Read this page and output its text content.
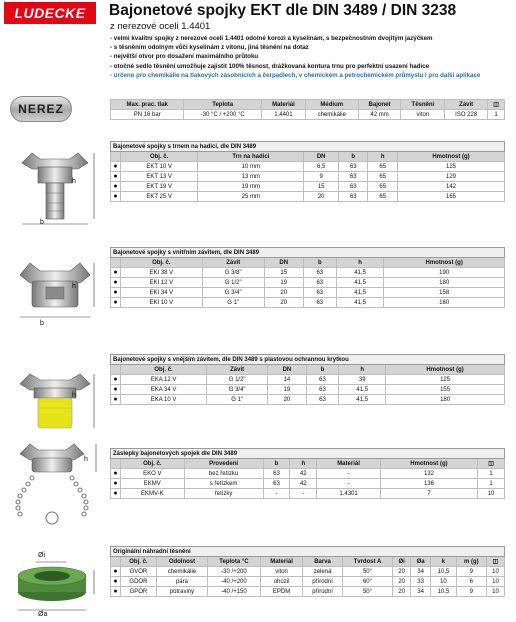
LUDECKE	Bajonetové spojky EKT dle DIN 3489 / DIN 3238
z nerezové oceli 1.4401
- velmi kvalitní spojky z nerezové oceli 1.4401 odolné korozi a kyselinám, s bezpečnostním dvojitým jazýčkem
- s těsněním odolným vůči kyselinám z vitonu, jiná těsnění na dotaz
- největší otvor pro dosažení maximálního průtoku
- otočné sedlo těsnění umožňuje zajistit 100% těsnost, drážkovaná kontura trnu pro perfektní usazení hadice
- určeno pro chemikálie na tlakových zásobnících a čerpadlech, v chemickém a petrochemickém průmyslu i pro další aplikace
NEREZ	Max. prac. tlak	Teplota	Materiál	Médium	Bajonet	Těsnění	Závit	◫
PN 16 bar	-30 °C / +200 °C	1.4401	chemikálie	42 mm	viton	ISO 228	1
h
b
Bajonetové spojky s trnem na hadici, dle DIN 3489						
	Obj. č.	Trn na hadici	DN	b	h	Hmotnost (g)
●	EKT 10 V	10 mm	6,5	63	65	125
●	EKT 13 V	13 mm	9	63	65	129
●	EKT 19 V	19 mm	15	63	65	142
●	EKT 25 V	25 mm	20	63	65	165
h
b
Bajonetové spojky s vnitřním závitem, dle DIN 3489						
	Obj. č.	Závit	DN	b	h	Hmotnost (g)
●	EKI 38 V	G 3/8"	15	63	41,5	190
●	EKI 12 V	G 1/2"	19	63	41,5	180
●	EKI 34 V	G 3/4"	20	63	41,5	158
●	EKI 10 V	G 1"	20	63	41,5	160
h
Bajonetové spojky s vnějším závitem, dle DIN 3489 s plastovou ochrannou krytkou						
	Obj. č.	Závit	DN	b	h	Hmotnost (g)
●	EKA 12 V	G 1/2"	14	63	39	125
●	EKA 34 V	G 3/4"	19	63	41,5	155
●	EKA 10 V	G 1"	20	63	41,5	180
h
Záslepky bajonetových spojek dle DIN 3489							
	Obj. č.	Provedení	b	h	Materiál	Hmotnost (g)	◫
●	EKO V	bez řetízku	63	42	-	132	1
●	EKMV	s řetízkem	63	42	-	136	1
●	EKMV-K	řetízky	-	-	1.4301	7	10
Øi
Øa
Originální náhradní těsnění											
	Obj. č.	Odolnost	Teplota °C	Materiál	Barva	Tvrdost A	Øi	Øa	k	m (g)	◫
●	GVOR	chemikálie	-30 /+200	viton	zelená	50°	20	34	10,5	9	10
●	GDOR	pára	-40 /+200	ohozil	přírodní	60°	20	33	10	6	10
●	GPOR	potraviny	-40 /+150	EPDM	přírodní	50°	20	34	10,5	9	10
